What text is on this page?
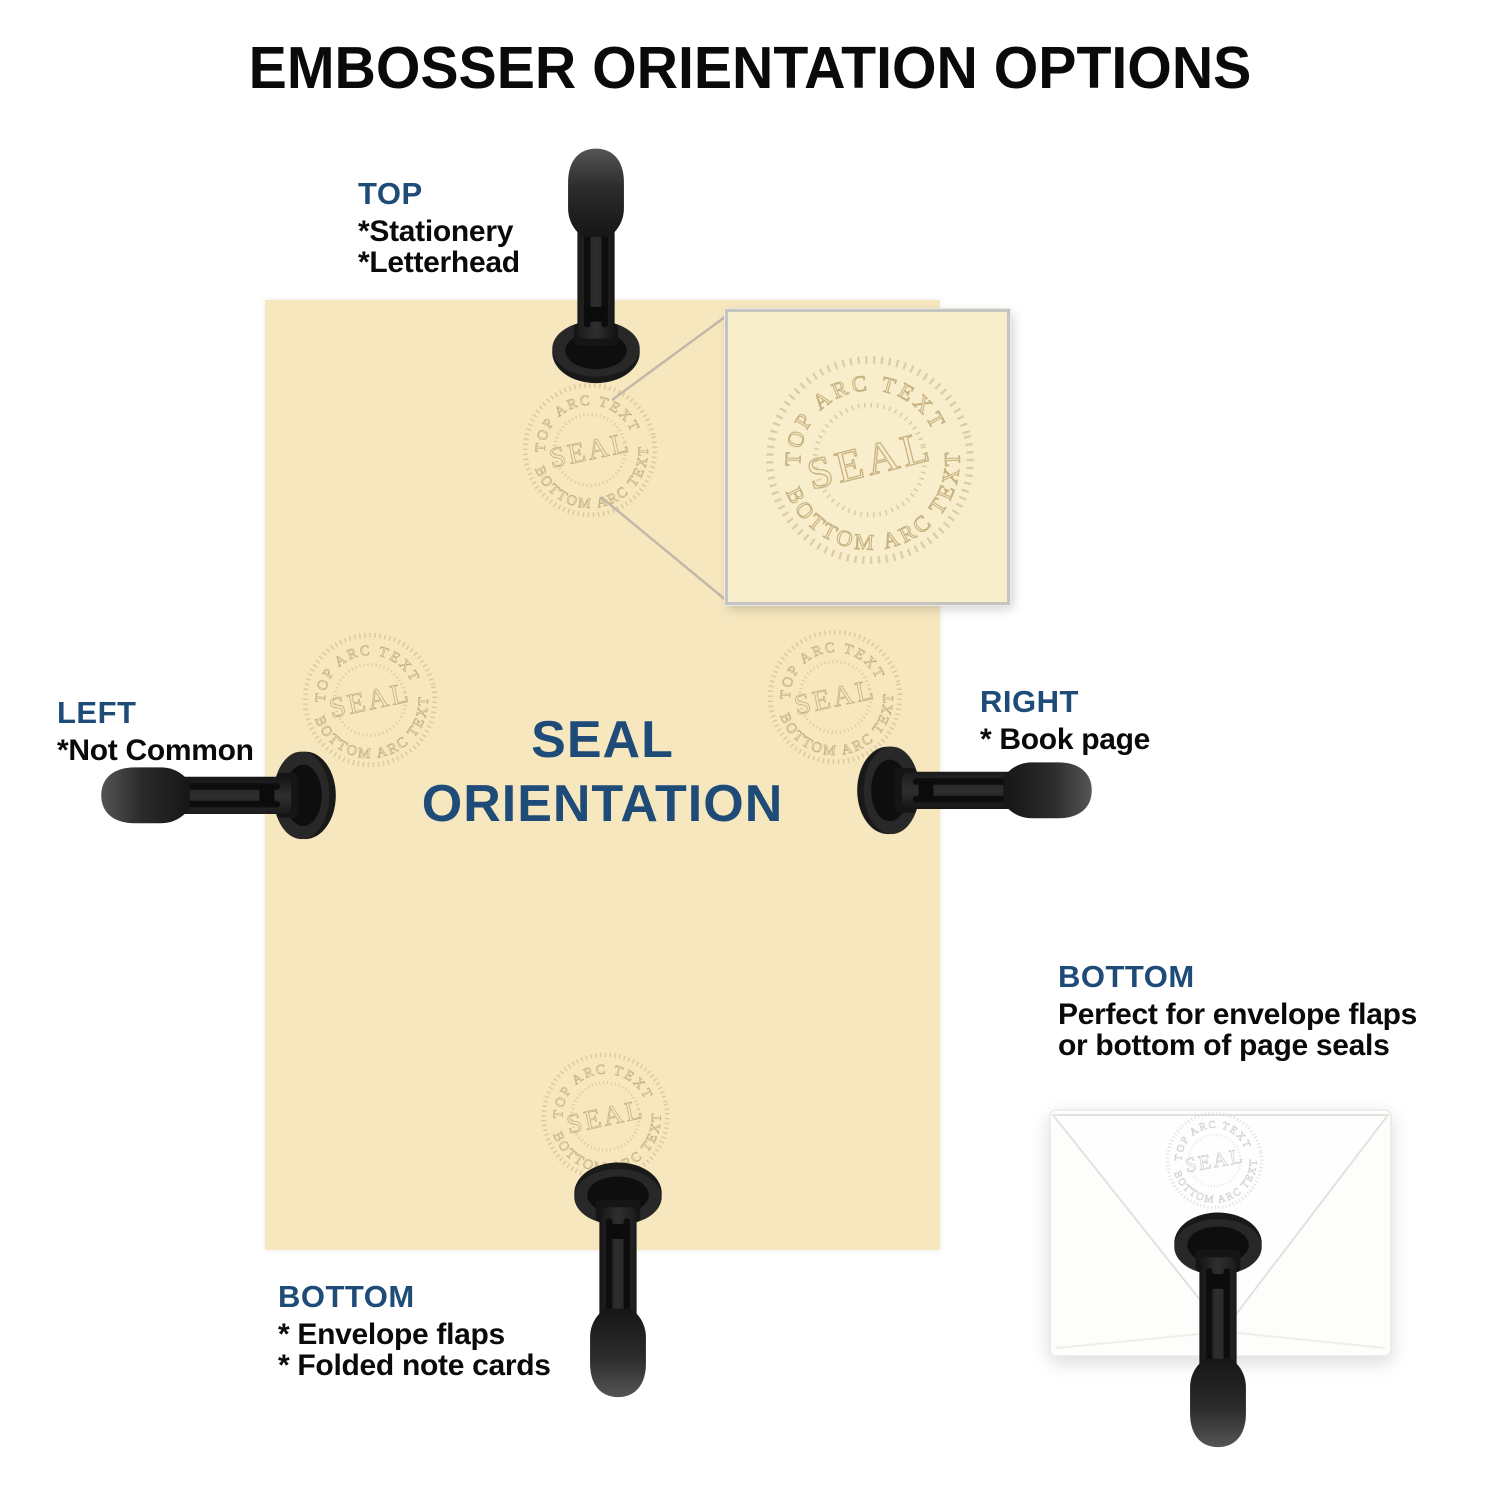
EMBOSSER ORIENTATION OPTIONS
SEAL
ORIENTATION
TOP
*Stationery
*Letterhead
LEFT
*Not Common
RIGHT
* Book page
BOTTOM
* Envelope flaps
* Folded note cards
BOTTOM
Perfect for envelope flaps
or bottom of page seals
